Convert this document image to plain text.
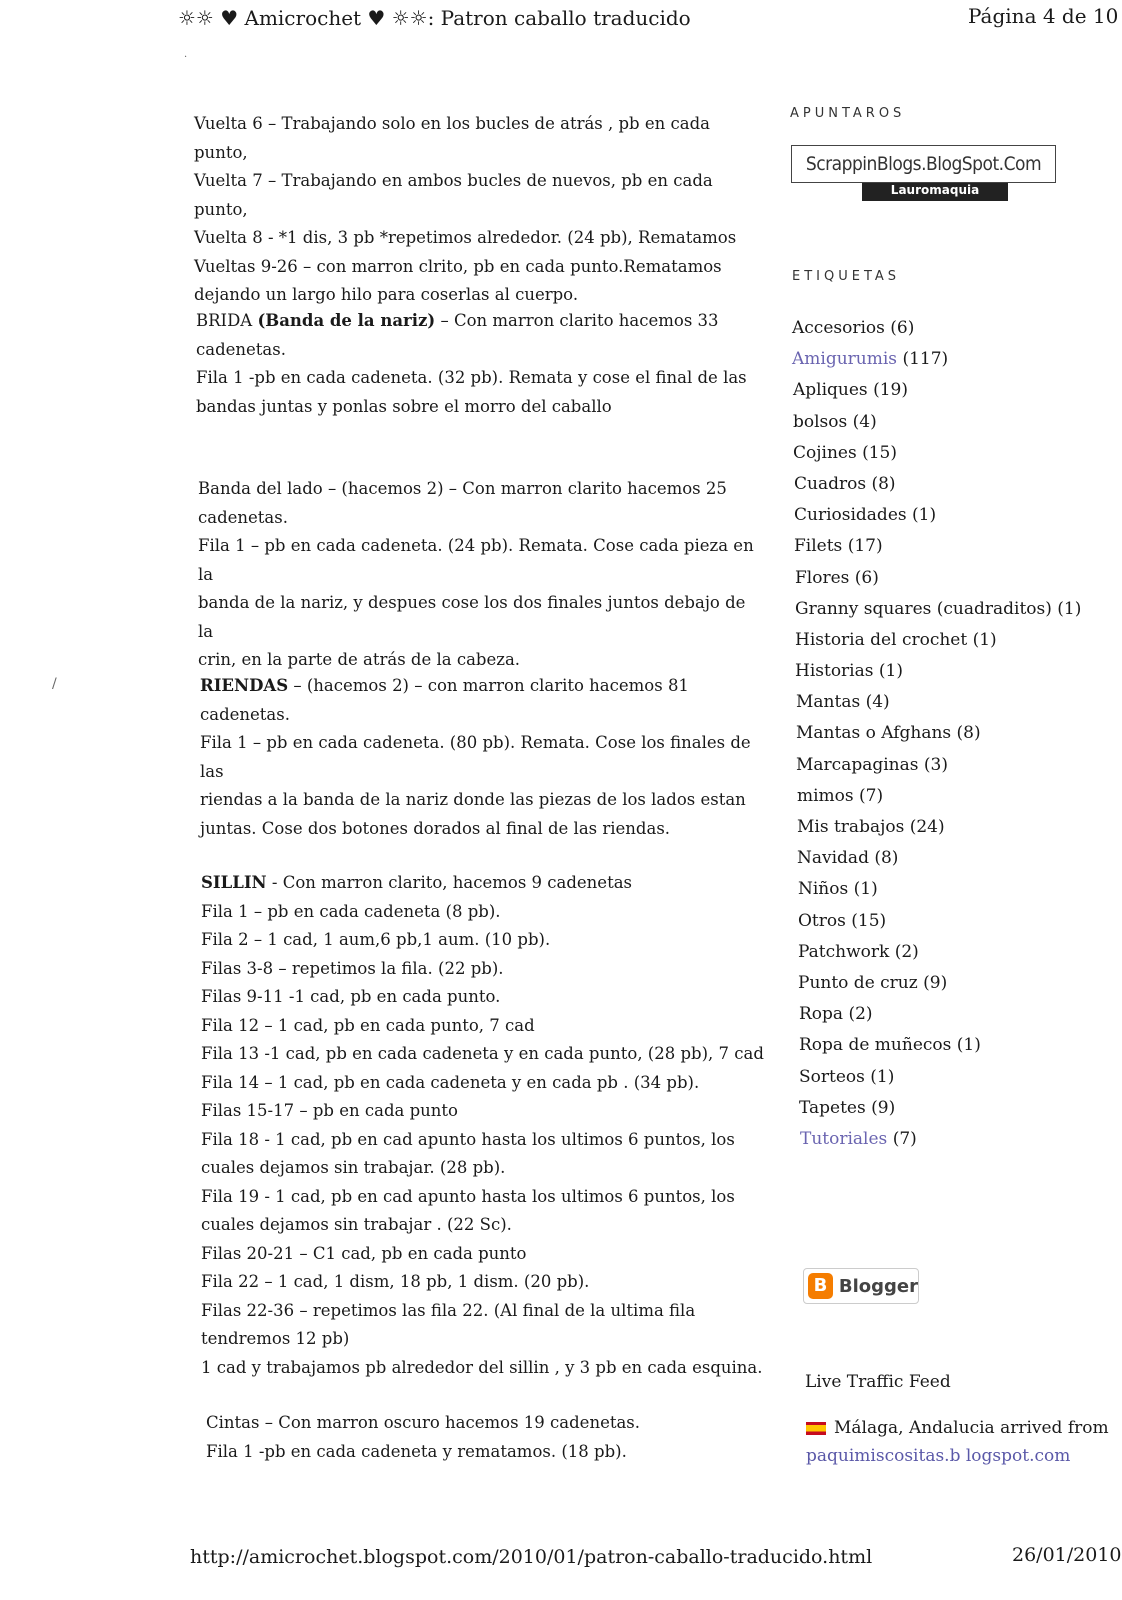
☼☼ ♥ Amicrochet ♥ ☼☼: Patron caballo traducido	Página 4 de 10
·
/

Vuelta 6 – Trabajando solo en los bucles de atrás , pb en cada punto,

Vuelta 7 – Trabajando en ambos bucles de nuevos, pb en cada punto,

Vuelta 8 - *1 dis, 3 pb *repetimos alrededor. (24 pb), Rematamos

Vueltas 9-26 – con marron clrito, pb en cada punto.Rematamos

dejando un largo hilo para coserlas al cuerpo.

BRIDA (Banda de la nariz) – Con marron clarito hacemos 33

cadenetas.

Fila 1 -pb en cada cadeneta. (32 pb). Remata y cose el final de las

bandas juntas y ponlas sobre el morro del caballo

Banda del lado – (hacemos 2) – Con marron clarito hacemos 25

cadenetas.

Fila 1 – pb en cada cadeneta. (24 pb). Remata. Cose cada pieza en la

banda de la nariz, y despues cose los dos finales juntos debajo de la

crin, en la parte de atrás de la cabeza.

RIENDAS – (hacemos 2) – con marron clarito hacemos 81

cadenetas.

Fila 1 – pb en cada cadeneta. (80 pb). Remata. Cose los finales de las

riendas a la banda de la nariz donde las piezas de los lados estan

juntas. Cose dos botones dorados al final de las riendas.

SILLIN - Con marron clarito, hacemos 9 cadenetas

Fila 1 – pb en cada cadeneta (8 pb).

Fila 2 – 1 cad, 1 aum,6 pb,1 aum. (10 pb).

Filas 3-8 – repetimos la fila. (22 pb).

Filas 9-11 -1 cad, pb en cada punto.

Fila 12 – 1 cad, pb en cada punto, 7 cad

Fila 13 -1 cad, pb en cada cadeneta y en cada punto, (28 pb), 7 cad

Fila 14 – 1 cad, pb en cada cadeneta y en cada pb . (34 pb).

Filas 15-17 – pb en cada punto

Fila 18 - 1 cad, pb en cad apunto hasta los ultimos 6 puntos, los

cuales dejamos sin trabajar. (28 pb).

Fila 19 - 1 cad, pb en cad apunto hasta los ultimos 6 puntos, los

cuales dejamos sin trabajar . (22 Sc).

Filas 20-21 – C1 cad, pb en cada punto

Fila 22 – 1 cad, 1 dism, 18 pb, 1 dism. (20 pb).

Filas 22-36 – repetimos las fila 22. (Al final de la ultima fila

tendremos 12 pb)

1 cad y trabajamos pb alrededor del sillin , y 3 pb en cada esquina.

Cintas – Con marron oscuro hacemos 19 cadenetas.

Fila 1 -pb en cada cadeneta y rematamos. (18 pb).

APUNTAROS
ScrappinBlogs.BlogSpot.Com
Lauromaquia
ETIQUETAS
Accesorios (6)
Amigurumis (117)
Apliques (19)
bolsos (4)
Cojines (15)
Cuadros (8)
Curiosidades (1)
Filets (17)
Flores (6)
Granny squares (cuadraditos) (1)
Historia del crochet (1)
Historias (1)
Mantas (4)
Mantas o Afghans (8)
Marcapaginas (3)
mimos (7)
Mis trabajos (24)
Navidad (8)
Niños (1)
Otros (15)
Patchwork (2)
Punto de cruz (9)
Ropa (2)
Ropa de muñecos (1)
Sorteos (1)
Tapetes (9)
Tutoriales (7)
B Blogger
Live Traffic Feed
Málaga, Andalucia arrived from
paquimiscositas.b logspot.com
http://amicrochet.blogspot.com/2010/01/patron-caballo-traducido.html	26/01/2010
